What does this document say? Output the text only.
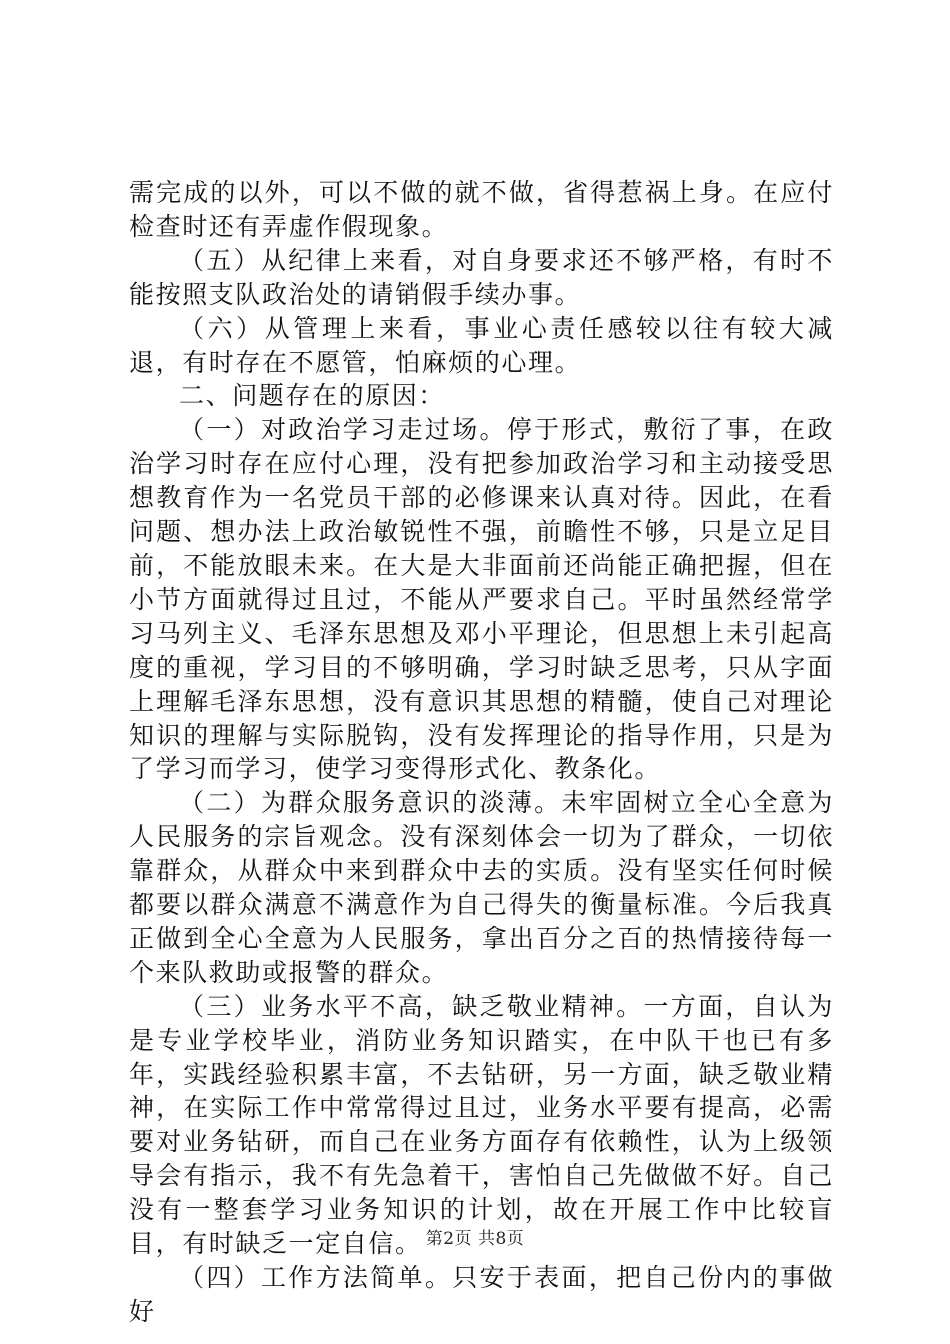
需完成的以外，可以不做的就不做，省得惹祸上身。在应付检查时还有弄虚作假现象。

（五）从纪律上来看，对自身要求还不够严格，有时不能按照支队政治处的请销假手续办事。

（六）从管理上来看，事业心责任感较以往有较大减退，有时存在不愿管，怕麻烦的心理。

二、问题存在的原因：

（一）对政治学习走过场。停于形式，敷衍了事，在政治学习时存在应付心理，没有把参加政治学习和主动接受思想教育作为一名党员干部的必修课来认真对待。因此，在看问题、想办法上政治敏锐性不强，前瞻性不够，只是立足目前，不能放眼未来。在大是大非面前还尚能正确把握，但在小节方面就得过且过，不能从严要求自己。平时虽然经常学习马列主义、毛泽东思想及邓小平理论，但思想上未引起高度的重视，学习目的不够明确，学习时缺乏思考，只从字面上理解毛泽东思想，没有意识其思想的精髓，使自己对理论知识的理解与实际脱钩，没有发挥理论的指导作用，只是为了学习而学习，使学习变得形式化、教条化。

（二）为群众服务意识的淡薄。未牢固树立全心全意为人民服务的宗旨观念。没有深刻体会一切为了群众，一切依靠群众，从群众中来到群众中去的实质。没有坚实任何时候都要以群众满意不满意作为自己得失的衡量标准。今后我真正做到全心全意为人民服务，拿出百分之百的热情接待每一个来队救助或报警的群众。

（三）业务水平不高，缺乏敬业精神。一方面，自认为是专业学校毕业，消防业务知识踏实，在中队干也已有多年，实践经验积累丰富，不去钻研，另一方面，缺乏敬业精神，在实际工作中常常得过且过，业务水平要有提高，必需要对业务钻研，而自己在业务方面存有依赖性，认为上级领导会有指示，我不有先急着干，害怕自己先做做不好。自己没有一整套学习业务知识的计划，故在开展工作中比较盲目，有时缺乏一定自信。

（四）工作方法简单。只安于表面，把自己份内的事做好

第2页 共8页
